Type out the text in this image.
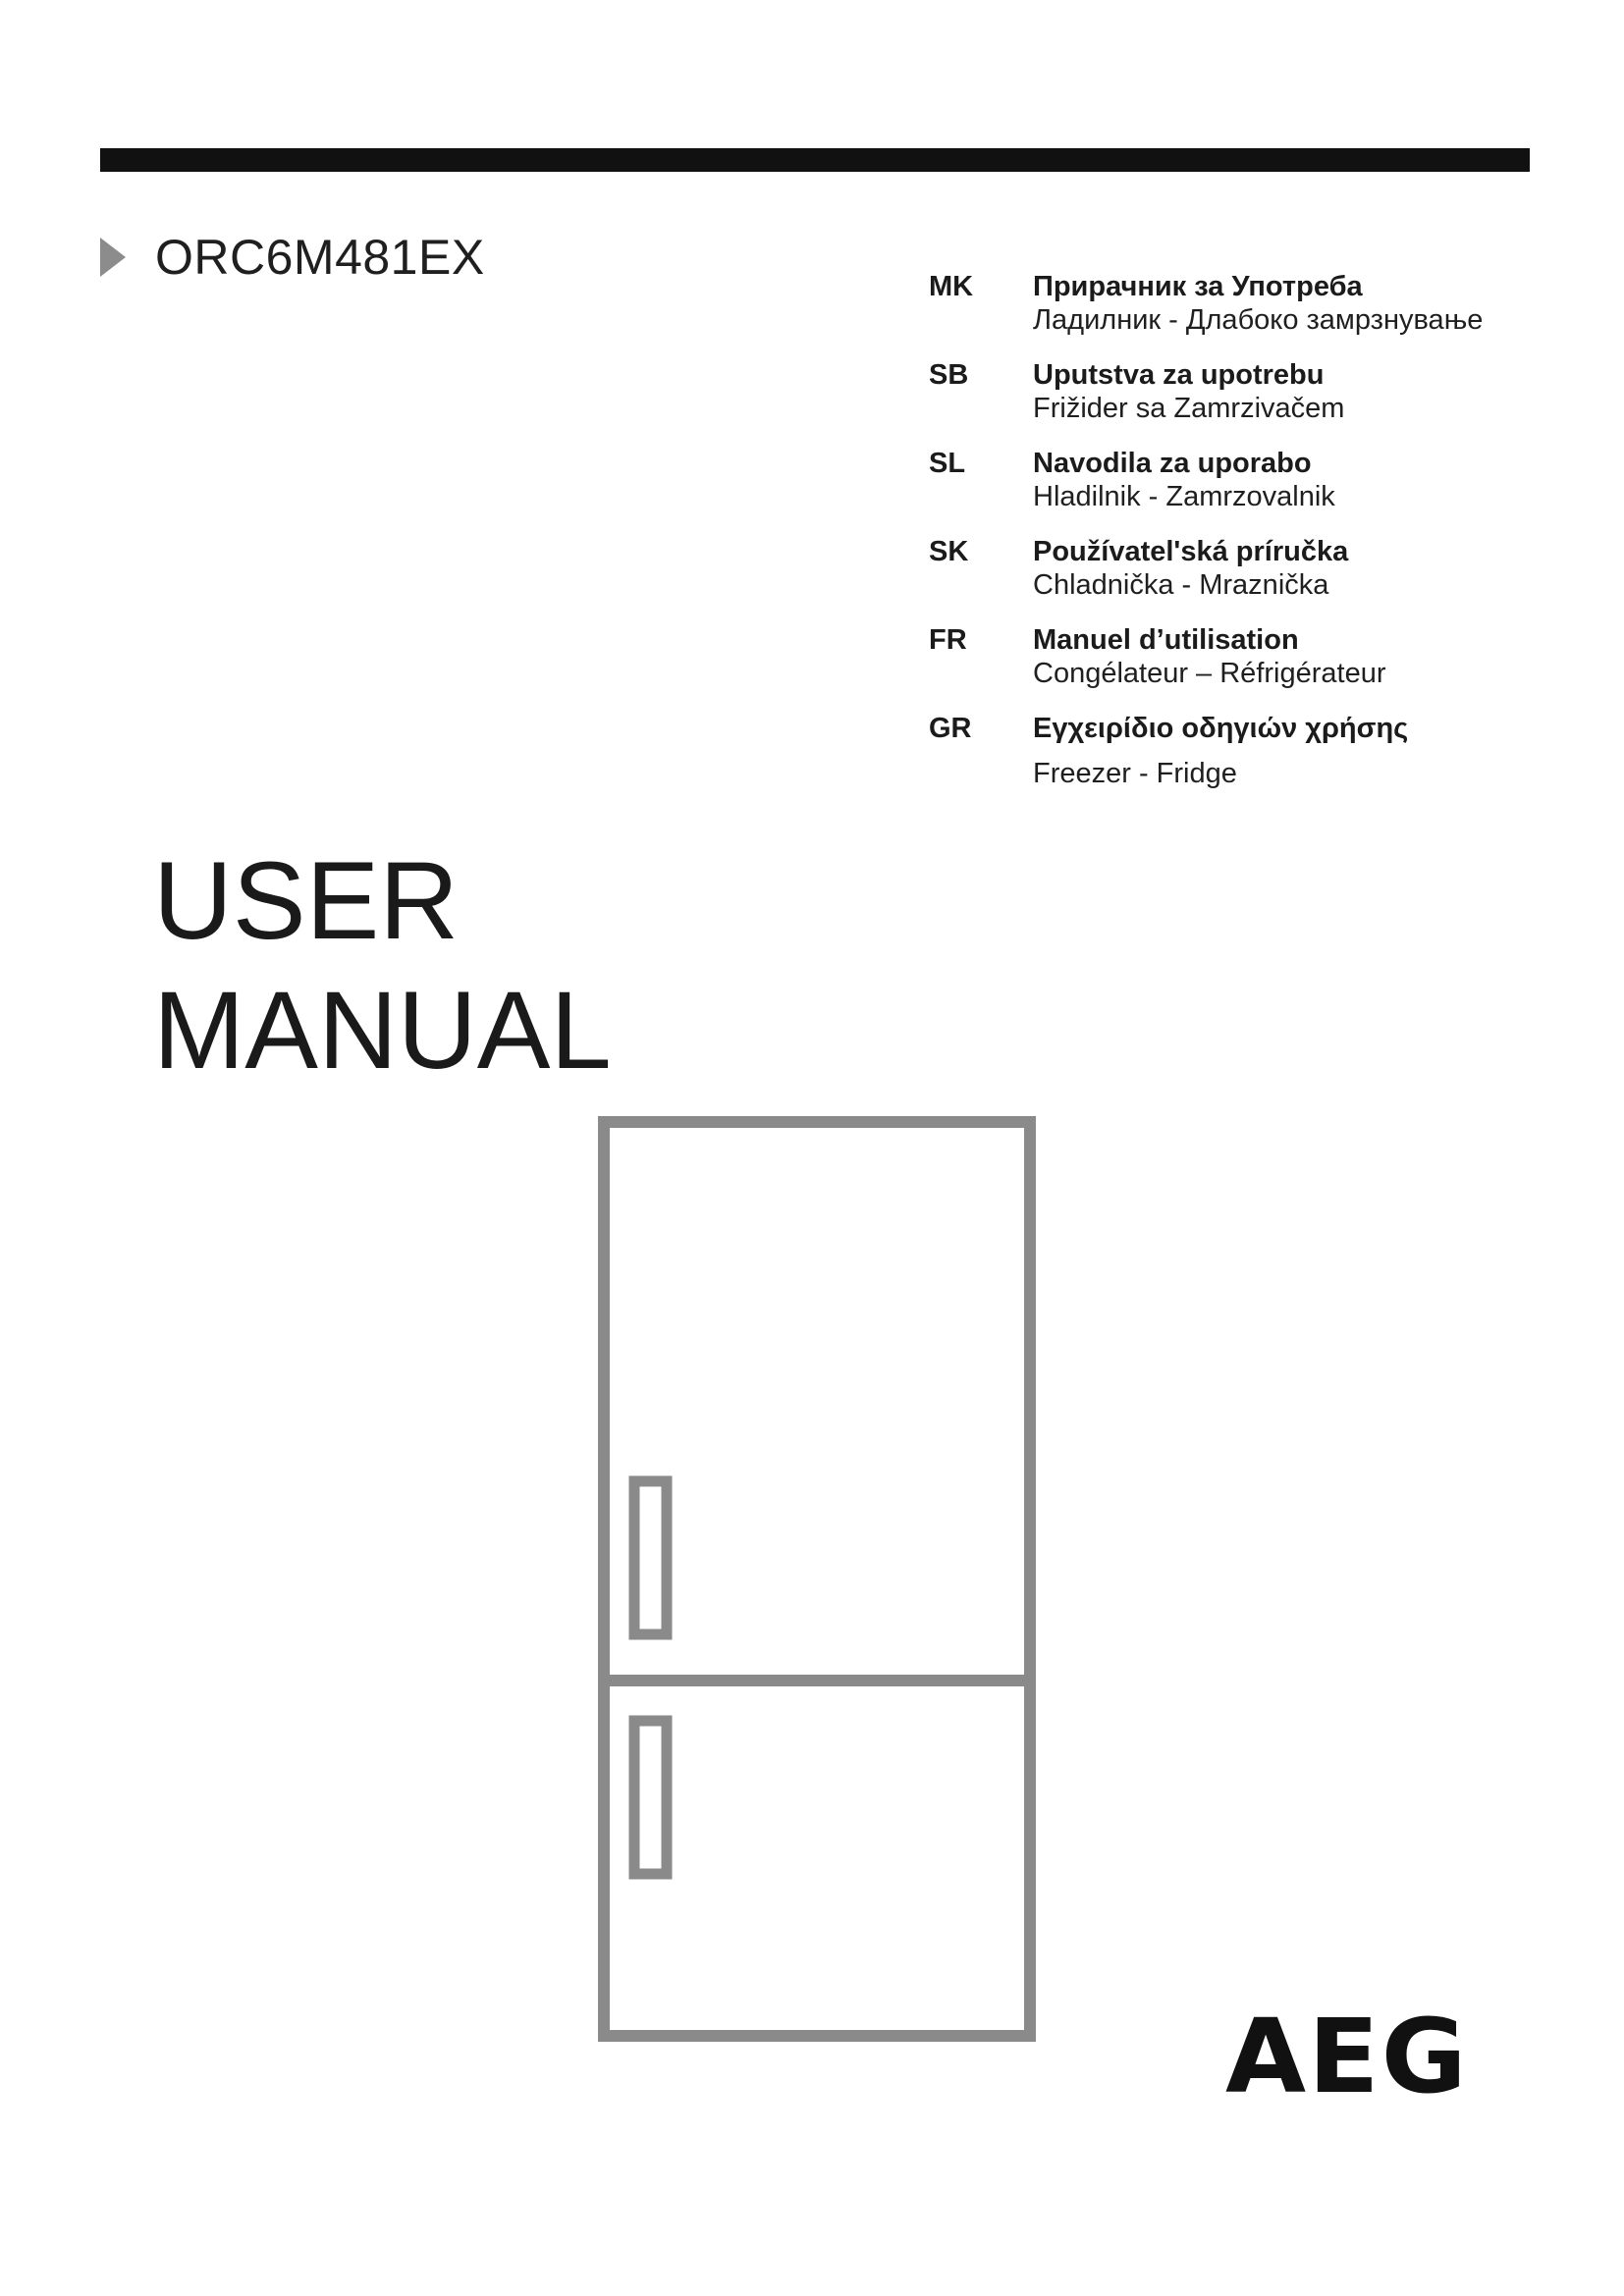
ORC6M481EX
MK Прирачник за Употреба
Ладилник - Длабоко замрзнување
SB Uputstva za upotrebu
Frižider sa Zamrzivačem
SL Navodila za uporabo
Hladilnik - Zamrzovalnik
SK Používatel'ská príručka
Chladnička - Mraznička
FR Manuel d’utilisation
Congélateur – Réfrigérateur
GR Εγχειρίδιο οδηγιών χρήσης
Freezer - Fridge
USER
MANUAL
AEG
